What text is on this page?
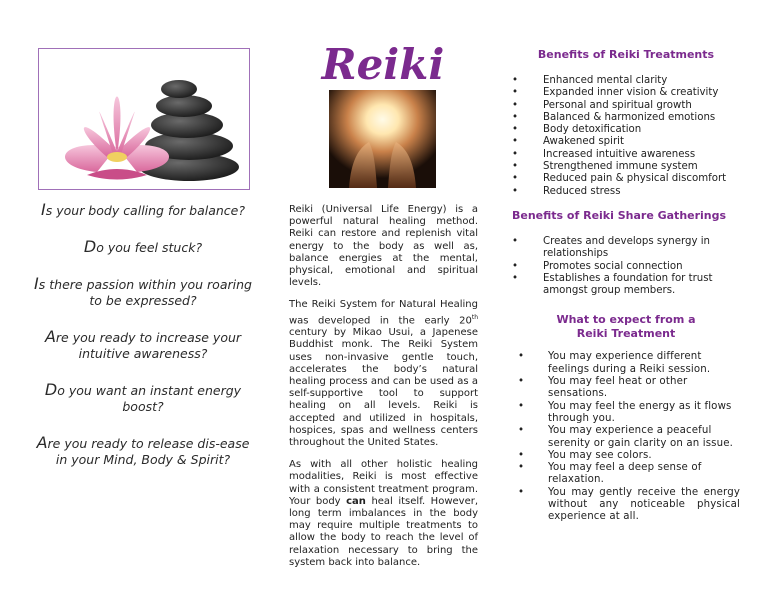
Is your body calling for balance?

Do you feel stuck?

Is there passion within you roaring to be expressed?

Are you ready to increase your intuitive awareness?

Do you want an instant energy boost?

Are you ready to release dis-ease in your Mind, Body & Spirit?

Reiki

Reiki (Universal Life Energy) is a powerful natural healing method. Reiki can restore and replenish vital energy to the body as well as, balance energies at the mental, physical, emotional and spiritual levels.

The Reiki System for Natural Healing was developed in the early 20th century by Mikao Usui, a Japenese Buddhist monk. The Reiki System uses non-invasive gentle touch, accelerates the body’s natural healing process and can be used as a self-supportive tool to support healing on all levels. Reiki is accepted and utilized in hospitals, hospices, spas and wellness centers throughout the United States.

As with all other holistic healing modalities, Reiki is most effective with a consistent treatment program. Your body can heal itself. However, long term imbalances in the body may require multiple treatments to allow the body to reach the level of relaxation necessary to bring the system back into balance.

Benefits of Reiki Treatments
• Enhanced mental clarity
• Expanded inner vision & creativity
• Personal and spiritual growth
• Balanced & harmonized emotions
• Body detoxification
• Awakened spirit
• Increased intuitive awareness
• Strengthened immune system
• Reduced pain & physical discomfort
• Reduced stress
Benefits of Reiki Share Gatherings
• Creates and develops synergy in relationships
• Promotes social connection
• Establishes a foundation for trust amongst group members.
What to expect from a
Reiki Treatment
• You may experience different feelings during a Reiki session.
• You may feel heat or other sensations.
• You may feel the energy as it flows through you.
• You may experience a peaceful serenity or gain clarity on an issue.
• You may see colors.
• You may feel a deep sense of relaxation.
• You may gently receive the energy without any noticeable physical experience at all.
